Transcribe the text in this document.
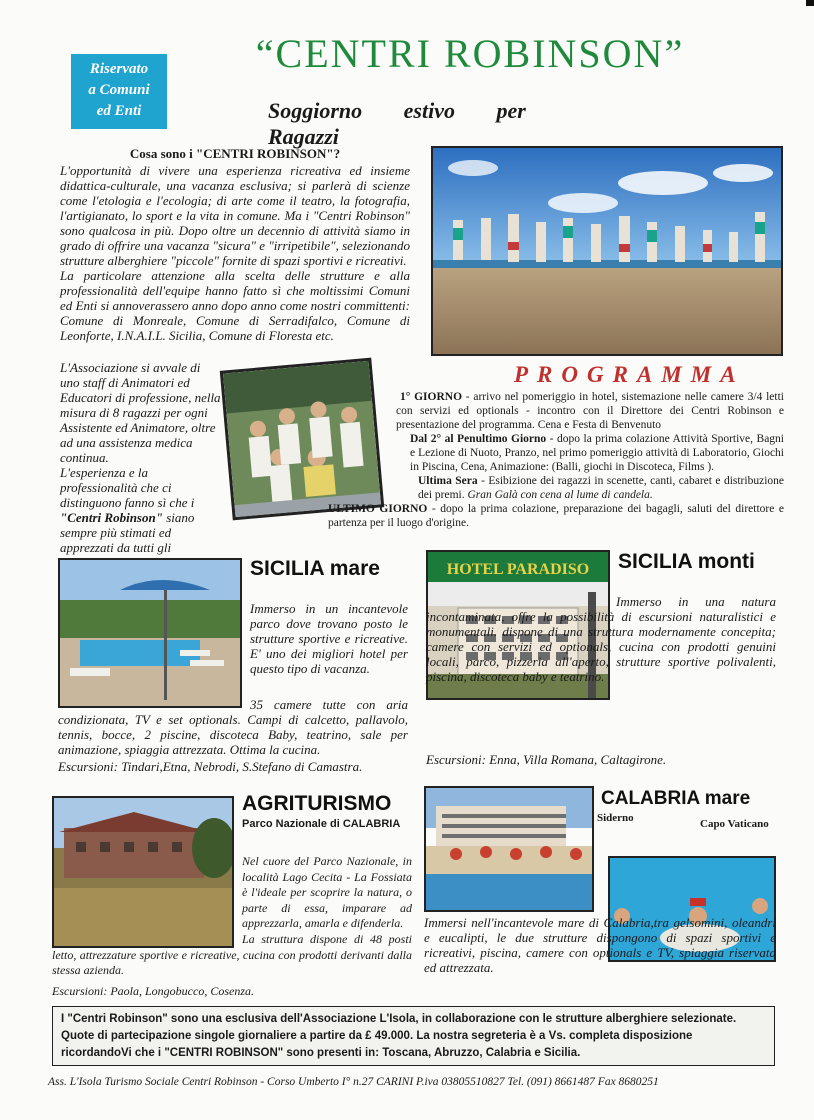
Riservato
a Comuni
ed Enti
“CENTRI ROBINSON”
Soggiorno estivo per Ragazzi
Cosa sono i "CENTRI ROBINSON"?

L'opportunità di vivere una esperienza ricreativa ed insieme didattica-culturale, una vacanza esclusiva; si parlerà di scienze come l'etologia e l'ecologia; di arte come il teatro, la fotografia, l'artigianato, lo sport e la vita in comune. Ma i "Centri Robinson" sono qualcosa in più. Dopo oltre un decennio di attività siamo in grado di offrire una vacanza "sicura" e "irripetibile", selezionando strutture alberghiere "piccole" fornite di spazi sportivi e ricreativi.

La particolare attenzione alla scelta delle strutture e alla professionalità dell'equipe hanno fatto sì che moltissimi Comuni ed Enti si annoverassero anno dopo anno come nostri committenti: Comune di Monreale, Comune di Serradifalco, Comune di Leonforte, I.N.A.I.L. Sicilia, Comune di Floresta etc.

L'Associazione si avvale di uno staff di Animatori ed Educatori di professione, nella misura di 8 ragazzi per ogni Assistente ed Animatore, oltre ad una assistenza medica continua.

L'esperienza e la professionalità che ci distinguono fanno sì che i "Centri Robinson" siano sempre più stimati ed apprezzati da tutti gli

PROGRAMMA
1° GIORNO - arrivo nel pomeriggio in hotel, sistemazione nelle camere 3/4 letti con servizi ed optionals - incontro con il Direttore dei Centri Robinson e presentazione del programma. Cena e Festa di Benvenuto
Dal 2° al Penultimo Giorno - dopo la prima colazione Attività Sportive, Bagni e Lezione di Nuoto, Pranzo, nel primo pomeriggio attività di Laboratorio, Giochi in Piscina, Cena, Animazione: (Balli, giochi in Discoteca, Films ).
Ultima Sera - Esibizione dei ragazzi in scenette, canti, cabaret e distribuzione dei premi. Gran Galà con cena al lume di candela.
ULTIMO GIORNO - dopo la prima colazione, preparazione dei bagagli, saluti del direttore e partenza per il luogo d'origine.
SICILIA mare

Immerso in un incantevole parco dove trovano posto le strutture sportive e ricreative. E' uno dei migliori hotel per questo tipo di vacanza.

35 camere tutte con aria condizionata, TV e set optionals. Campi di calcetto, pallavolo, tennis, bocce, 2 piscine, discoteca Baby, teatrino, sale per animazione, spiaggia attrezzata. Ottima la cucina.

Escursioni: Tindari,Etna, Nebrodi, S.Stefano di Camastra.

HOTEL PARADISO SICILIA monti

Immerso in una natura incontaminata, offre la possibilità di escursioni naturalistici e monumentali. dispone di una struttura modernamente concepita; camere con servizi ed optionals, cucina con prodotti genuini locali, parco, pizzeria all'aperto, strutture sportive polivalenti, piscina, discoteca baby e teatrino.

Escursioni: Enna, Villa Romana, Caltagirone.

AGRITURISMO
Parco Nazionale di CALABRIA

Nel cuore del Parco Nazionale, in località Lago Cecita - La Fossiata è l'ideale per scoprire la natura, o parte di essa, imparare ad apprezzarla, amarla e difenderla.

La struttura dispone di 48 posti letto, attrezzature sportive e ricreative, cucina con prodotti derivanti dalla stessa azienda.

Escursioni: Paola, Longobucco, Cosenza.

CALABRIA mare
Siderno	Capo Vaticano

Immersi nell'incantevole mare di Calabria,tra gelsomini, oleandri e eucalipti, le due strutture dispongono di spazi sportivi e ricreativi, piscina, camere con optionals e TV, spiaggia riservata ed attrezzata.

I "Centri Robinson" sono una esclusiva dell'Associazione L'Isola, in collaborazione con le strutture alberghiere selezionate.
Quote di partecipazione singole giornaliere a partire da £ 49.000. La nostra segreteria è a Vs. completa disposizione
ricordandoVi che i "CENTRI ROBINSON" sono presenti in: Toscana, Abruzzo, Calabria e Sicilia.
Ass. L'Isola Turismo Sociale Centri Robinson - Corso Umberto I° n.27 CARINI P.iva 03805510827 Tel. (091) 8661487 Fax 8680251
